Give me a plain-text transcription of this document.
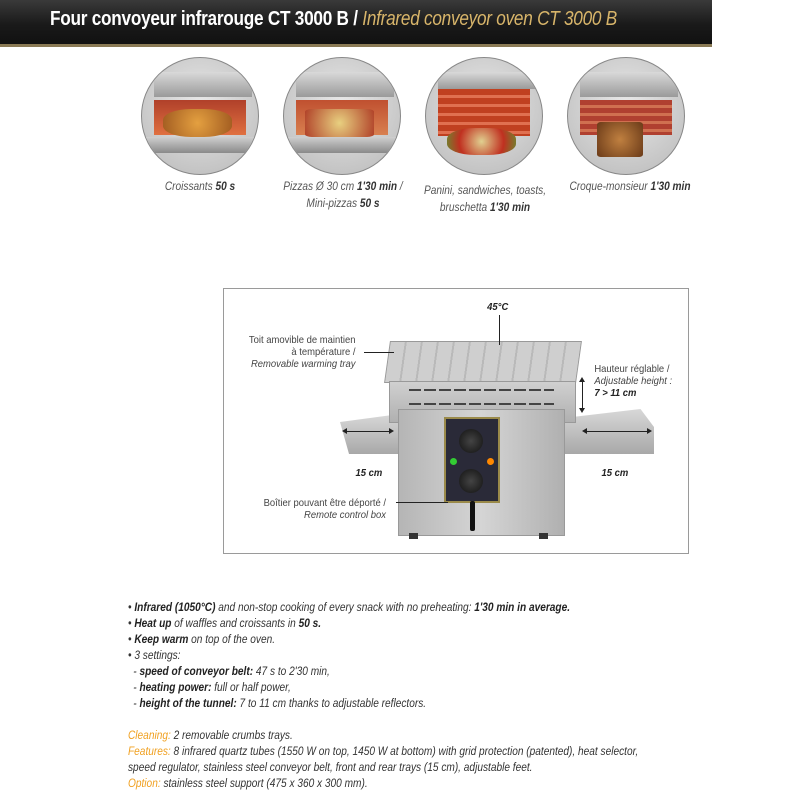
Four convoyeur infrarouge CT 3000 B / Infrared conveyor oven CT 3000 B
Croissants 50 s	Pizzas Ø 30 cm 1'30 min /
Mini-pizzas 50 s
Panini, sandwiches, toasts,
bruschetta 1'30 min
Croque-monsieur 1'30 min
45°C
Toit amovible de maintien
à température /
Removable warming tray	Hauteur réglable /
Adjustable height :
7 > 11 cm
15 cm	15 cm
Boîtier pouvant être déporté /
Remote control box

• Infrared (1050°C) and non-stop cooking of every snack with no preheating: 1'30 min in average.

• Heat up of waffles and croissants in 50 s.

• Keep warm on top of the oven.

• 3 settings:

- speed of conveyor belt: 47 s to 2'30 min,

- heating power: full or half power,

- height of the tunnel: 7 to 11 cm thanks to adjustable reflectors.

Cleaning: 2 removable crumbs trays.

Features: 8 infrared quartz tubes (1550 W on top, 1450 W at bottom) with grid protection (patented), heat selector,

speed regulator, stainless steel conveyor belt, front and rear trays (15 cm), adjustable feet.

Option: stainless steel support (475 x 360 x 300 mm).
